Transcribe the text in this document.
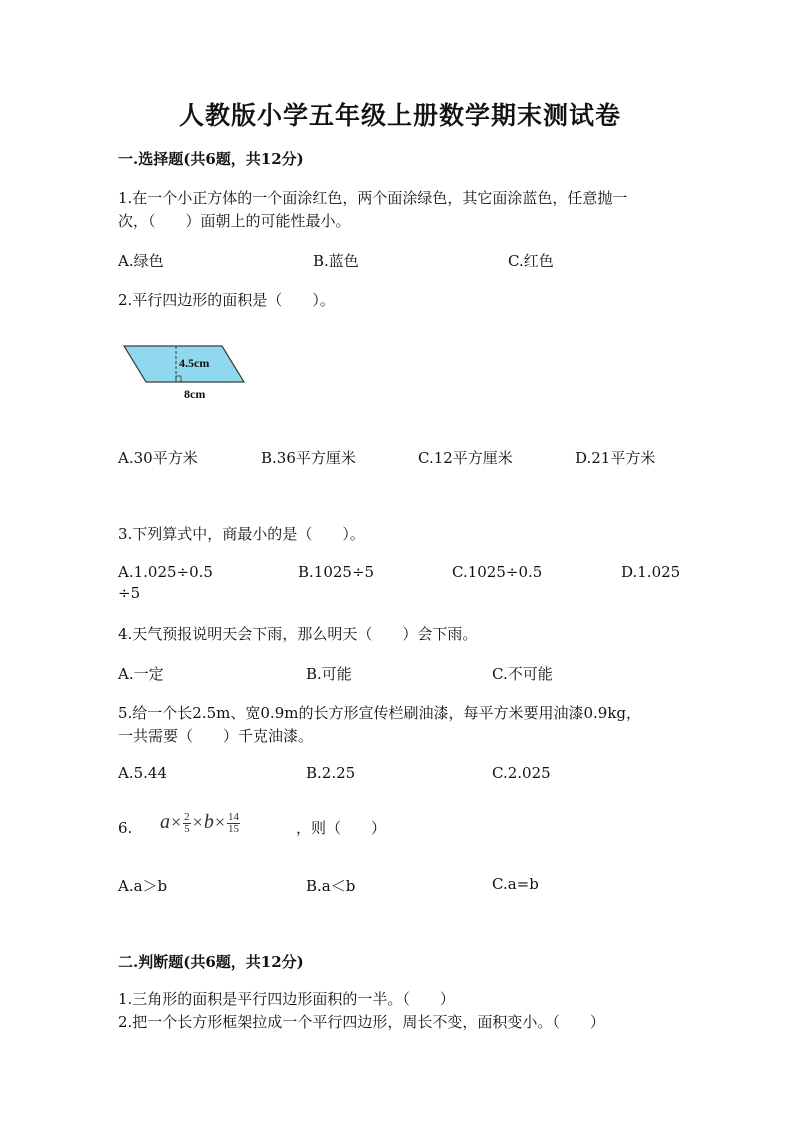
人教版小学五年级上册数学期末测试卷
一.选择题(共6题，共12分)
1.在一个小正方体的一个面涂红色，两个面涂绿色，其它面涂蓝色，任意抛一
次，（　　）面朝上的可能性最小。
A.绿色	B.蓝色	C.红色
2.平行四边形的面积是（　　）。
4.5cm
8cm
A.30平方米	B.36平方厘米	C.12平方厘米	D.21平方米
3.下列算式中，商最小的是（　　）。
A.1.025÷0.5	B.1025÷5	C.1025÷0.5	D.1.025
÷5
4.天气预报说明天会下雨，那么明天（　　）会下雨。
A.一定	B.可能	C.不可能
5.给一个长2.5m、宽0.9m的长方形宣传栏刷油漆，每平方米要用油漆0.9kg，
一共需要（　　）千克油漆。
A.5.44	B.2.25	C.2.025
6. $a\times \frac{2}{5} \times b\times \frac{14}{15}$	，则（　　）
A.a＞b	B.a＜b	C.a=b
二.判断题(共6题，共12分)
1.三角形的面积是平行四边形面积的一半。（　　）
2.把一个长方形框架拉成一个平行四边形，周长不变，面积变小。（　　）
